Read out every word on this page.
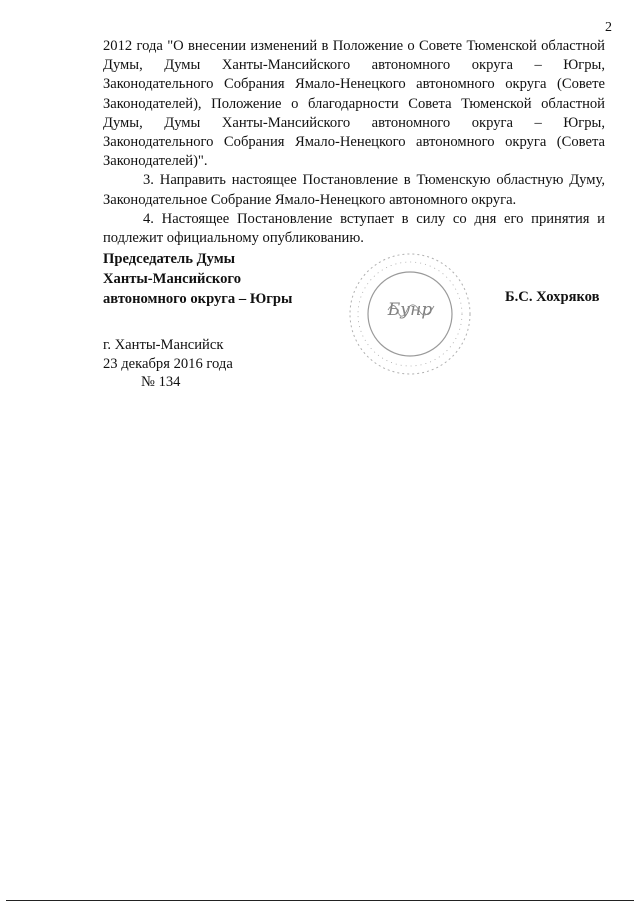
2

2012 года "О внесении изменений в Положение о Совете Тюменской областной Думы, Думы Ханты-Мансийского автономного округа – Югры, Законодательного Собрания Ямало-Ненецкого автономного округа (Совете Законодателей), Положение о благодарности Совета Тюменской областной Думы, Думы Ханты-Мансийского автономного округа – Югры, Законодательного Собрания Ямало-Ненецкого автономного округа (Совета Законодателей)".

3. Направить настоящее Постановление в Тюменскую областную Думу, Законодательное Собрание Ямало-Ненецкого автономного округа.

4. Настоящее Постановление вступает в силу со дня его принятия и подлежит официальному опубликованию.

Председатель Думы
Ханты-Мансийского
автономного округа – Югры
Бунр
Б.С. Хохряков
г. Ханты-Мансийск
23 декабря 2016 года
№ 134
